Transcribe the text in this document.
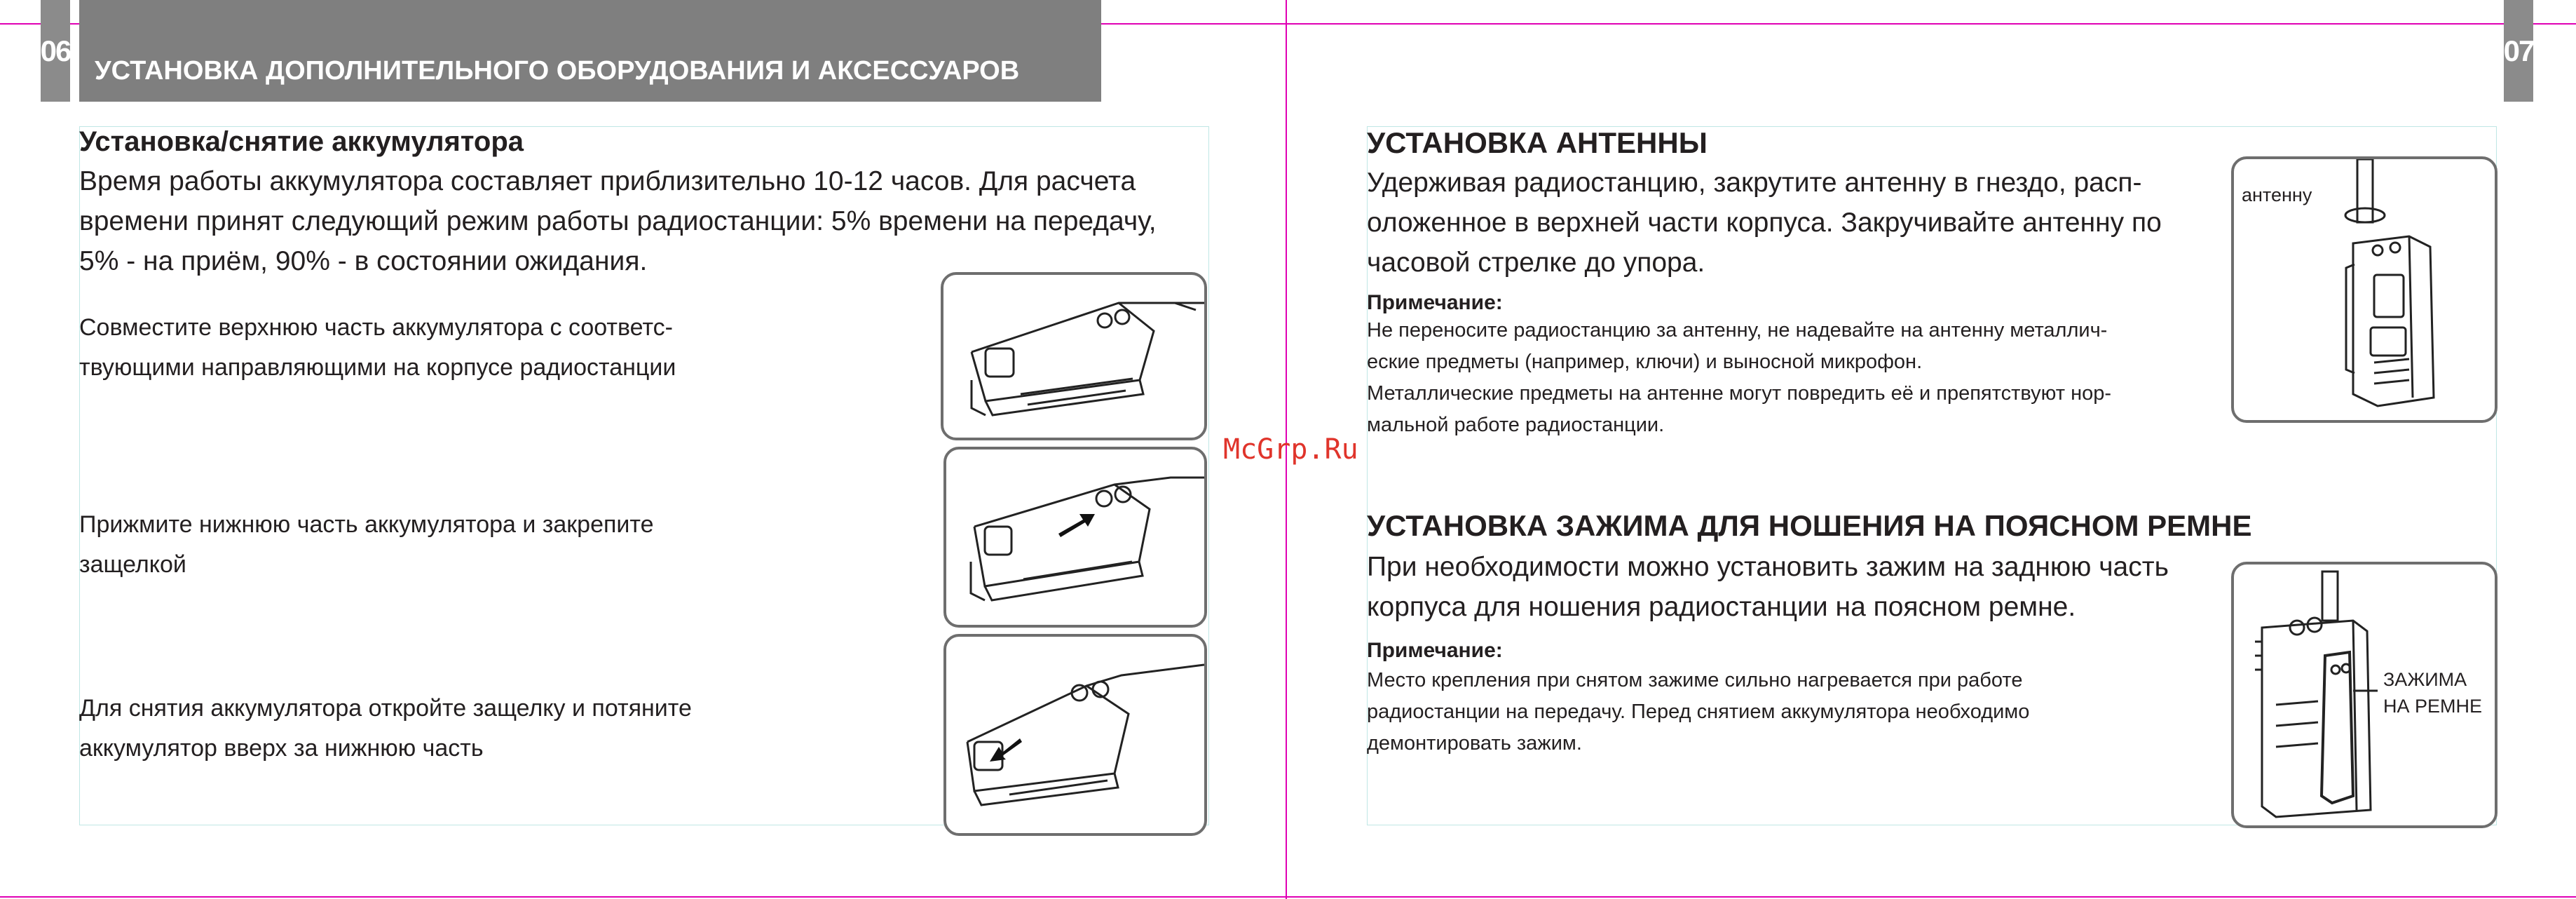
06
УСТАНОВКА ДОПОЛНИТЕЛЬНОГО ОБОРУДОВАНИЯ И АКСЕССУАРОВ
Установка/снятие аккумулятора
Время работы аккумулятора составляет приблизительно 10-12 часов. Для расчета
времени принят следующий режим работы радиостанции: 5% времени на передачу,
5% - на приём, 90% - в состоянии ожидания.
Совместите верхнюю часть аккумулятора с соответс-
твующими направляющими на корпусе радиостанции
Прижмите нижнюю часть аккумулятора и закрепите
защелкой
Для снятия аккумулятора откройте защелку и потяните
аккумулятор вверх за нижнюю часть
McGrp.Ru
07
УСТАНОВКА АНТЕННЫ
Удерживая радиостанцию, закрутите антенну в гнездо, расп-
оложенное в верхней части корпуса. Закручивайте антенну по
часовой стрелке до упора.
Примечание:
Не переносите радиостанцию за антенну, не надевайте на антенну металлич-
еские предметы (например, ключи) и выносной микрофон.
Металлические предметы на антенне могут повредить её и препятствуют нор-
мальной работе радиостанции.
антенну
УСТАНОВКА ЗАЖИМА ДЛЯ НОШЕНИЯ НА ПОЯСНОМ РЕМНЕ
При необходимости можно установить зажим на заднюю часть
корпуса для ношения радиостанции на поясном ремне.
Примечание:
Место крепления при снятом зажиме сильно нагревается при работе
радиостанции на передачу. Перед снятием аккумулятора необходимо
демонтировать зажим.
ЗАЖИМА
НА РЕМНЕ
